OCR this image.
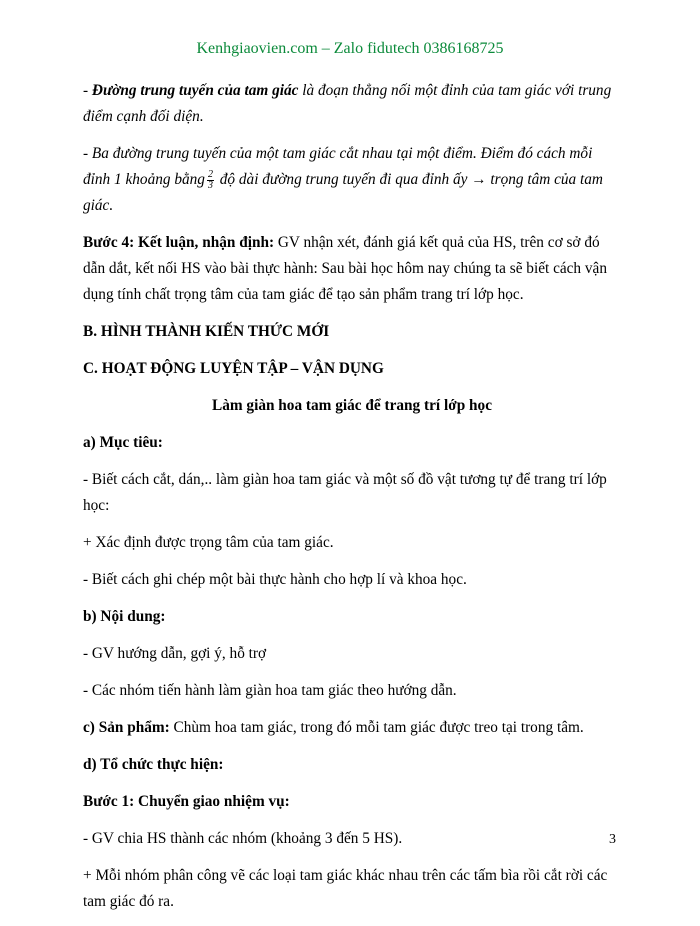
Kenhgiaovien.com – Zalo fidutech 0386168725

- Đường trung tuyến của tam giác là đoạn thẳng nối một đỉnh của tam giác với trung điểm cạnh đối diện.

- Ba đường trung tuyến của một tam giác cắt nhau tại một điểm. Điểm đó cách mỗi đỉnh 1 khoảng bằng $\frac{2}{3}$ độ dài đường trung tuyến đi qua đỉnh ấy → trọng tâm của tam giác.

Bước 4: Kết luận, nhận định: GV nhận xét, đánh giá kết quả của HS, trên cơ sở đó dẫn dắt, kết nối HS vào bài thực hành: Sau bài học hôm nay chúng ta sẽ biết cách vận dụng tính chất trọng tâm của tam giác để tạo sản phẩm trang trí lớp học.

B. HÌNH THÀNH KIẾN THỨC MỚI

C. HOẠT ĐỘNG LUYỆN TẬP – VẬN DỤNG

Làm giàn hoa tam giác để trang trí lớp học

a) Mục tiêu:

- Biết cách cắt, dán,.. làm giàn hoa tam giác và một số đồ vật tương tự để trang trí lớp học:

+ Xác định được trọng tâm của tam giác.

- Biết cách ghi chép một bài thực hành cho hợp lí và khoa học.

b) Nội dung:

- GV hướng dẫn, gợi ý, hỗ trợ

- Các nhóm tiến hành làm giàn hoa tam giác theo hướng dẫn.

c) Sản phẩm: Chùm hoa tam giác, trong đó mỗi tam giác được treo tại trong tâm.

d) Tổ chức thực hiện:

Bước 1: Chuyển giao nhiệm vụ:

- GV chia HS thành các nhóm (khoảng 3 đến 5 HS).

+ Mỗi nhóm phân công vẽ các loại tam giác khác nhau trên các tấm bìa rồi cắt rời các tam giác đó ra.

3
